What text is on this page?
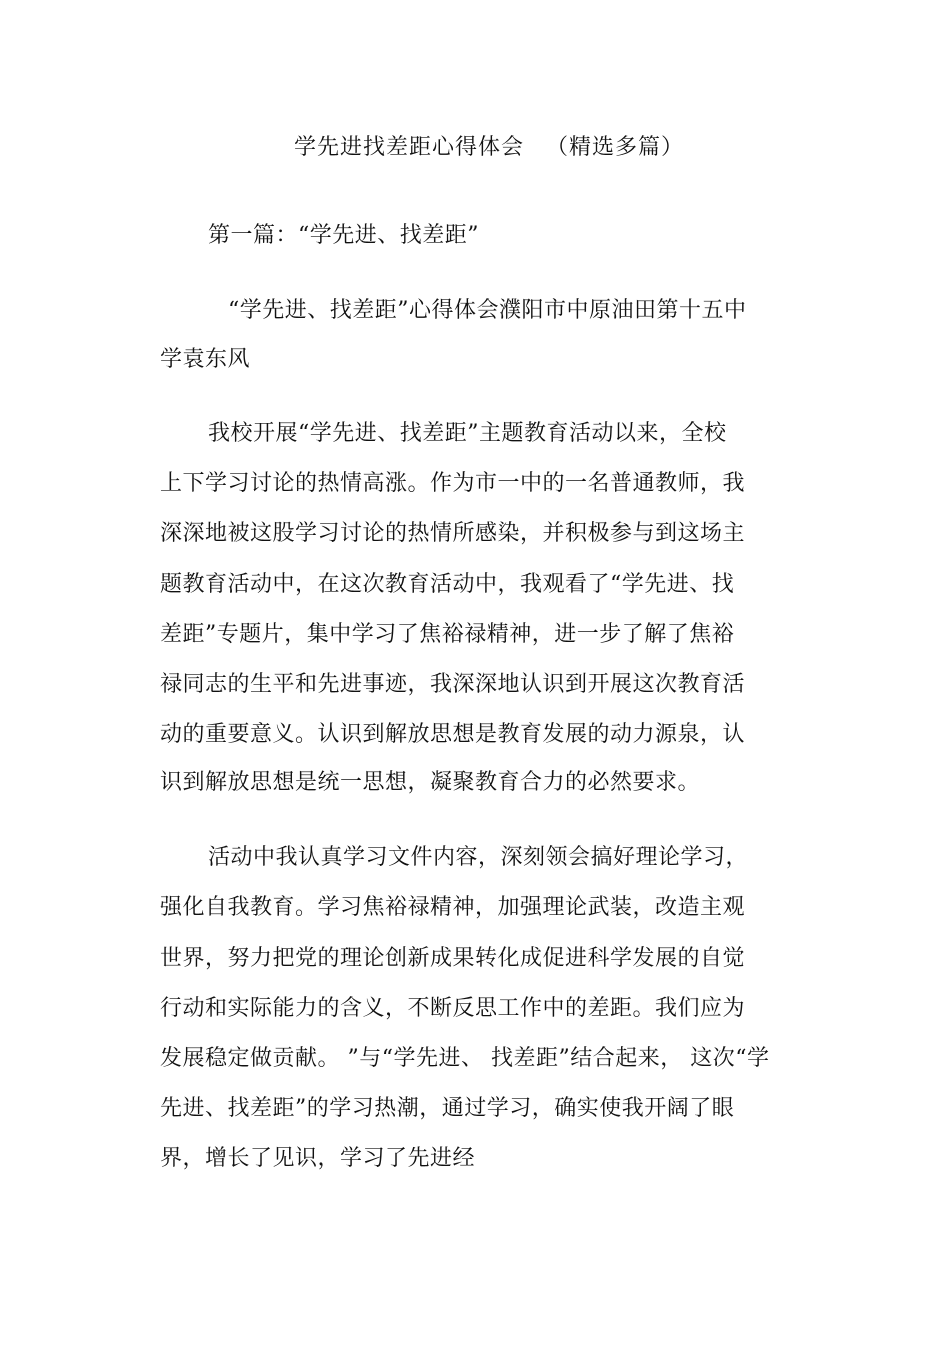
学先进找差距心得体会 （精选多篇）
第一篇：“学先进、找差距”
“学先进、找差距”心得体会濮阳市中原油田第十五中
学袁东风
我校开展“学先进、找差距”主题教育活动以来，全校
上下学习讨论的热情高涨。作为市一中的一名普通教师，我
深深地被这股学习讨论的热情所感染，并积极参与到这场主
题教育活动中，在这次教育活动中，我观看了“学先进、找
差距”专题片，集中学习了焦裕禄精神，进一步了解了焦裕
禄同志的生平和先进事迹，我深深地认识到开展这次教育活
动的重要意义。认识到解放思想是教育发展的动力源泉，认
识到解放思想是统一思想，凝聚教育合力的必然要求。
活动中我认真学习文件内容，深刻领会搞好理论学习，
强化自我教育。学习焦裕禄精神，加强理论武装，改造主观
世界，努力把党的理论创新成果转化成促进科学发展的自觉
行动和实际能力的含义，不断反思工作中的差距。我们应为
发展稳定做贡献。 ”与“学先进、 找差距”结合起来， 这次“学
先进、找差距”的学习热潮，通过学习，确实使我开阔了眼
界，增长了见识，学习了先进经
